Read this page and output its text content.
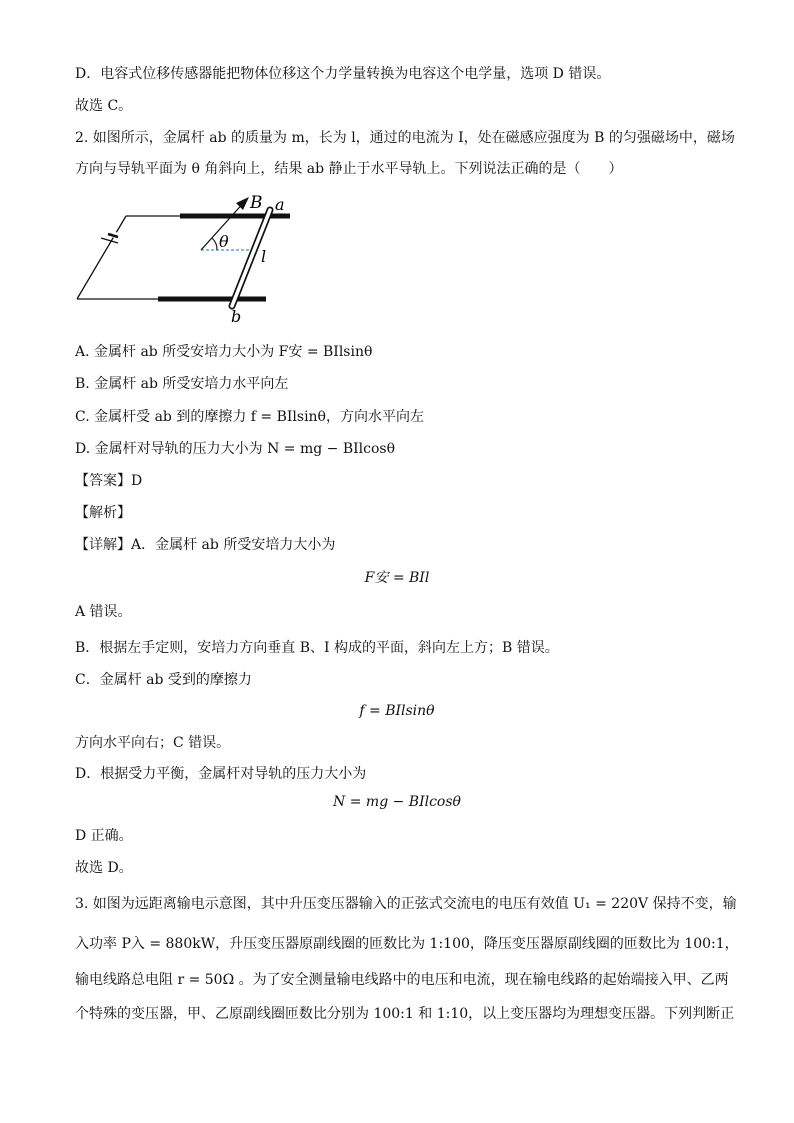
D．电容式位移传感器能把物体位移这个力学量转换为电容这个电学量，选项 D 错误。
故选 C。
2. 如图所示，金属杆 ab 的质量为 m，长为 l，通过的电流为 I，处在磁感应强度为 B 的匀强磁场中，磁场
方向与导轨平面为 θ 角斜向上，结果 ab 静止于水平导轨上。下列说法正确的是（　　）
B a
θ
l
b
A. 金属杆 ab 所受安培力大小为 F安 = BIlsinθ
B. 金属杆 ab 所受安培力水平向左
C. 金属杆受 ab 到的摩擦力 f = BIlsinθ，方向水平向左
D. 金属杆对导轨的压力大小为 N = mg − BIlcosθ
【答案】D
【解析】
【详解】A．金属杆 ab 所受安培力大小为
F安 = BIl
A 错误。
B．根据左手定则，安培力方向垂直 B、I 构成的平面，斜向左上方；B 错误。
C．金属杆 ab 受到的摩擦力
f = BIlsinθ
方向水平向右；C 错误。
D．根据受力平衡，金属杆对导轨的压力大小为
N = mg − BIlcosθ
D 正确。
故选 D。
3. 如图为远距离输电示意图，其中升压变压器输入的正弦式交流电的电压有效值 U₁ = 220V 保持不变，输
入功率 P入 = 880kW，升压变压器原副线圈的匝数比为 1:100，降压变压器原副线圈的匝数比为 100:1，
输电线路总电阻 r = 50Ω 。为了安全测量输电线路中的电压和电流，现在输电线路的起始端接入甲、乙两
个特殊的变压器，甲、乙原副线圈匝数比分别为 100:1 和 1:10，以上变压器均为理想变压器。下列判断正
